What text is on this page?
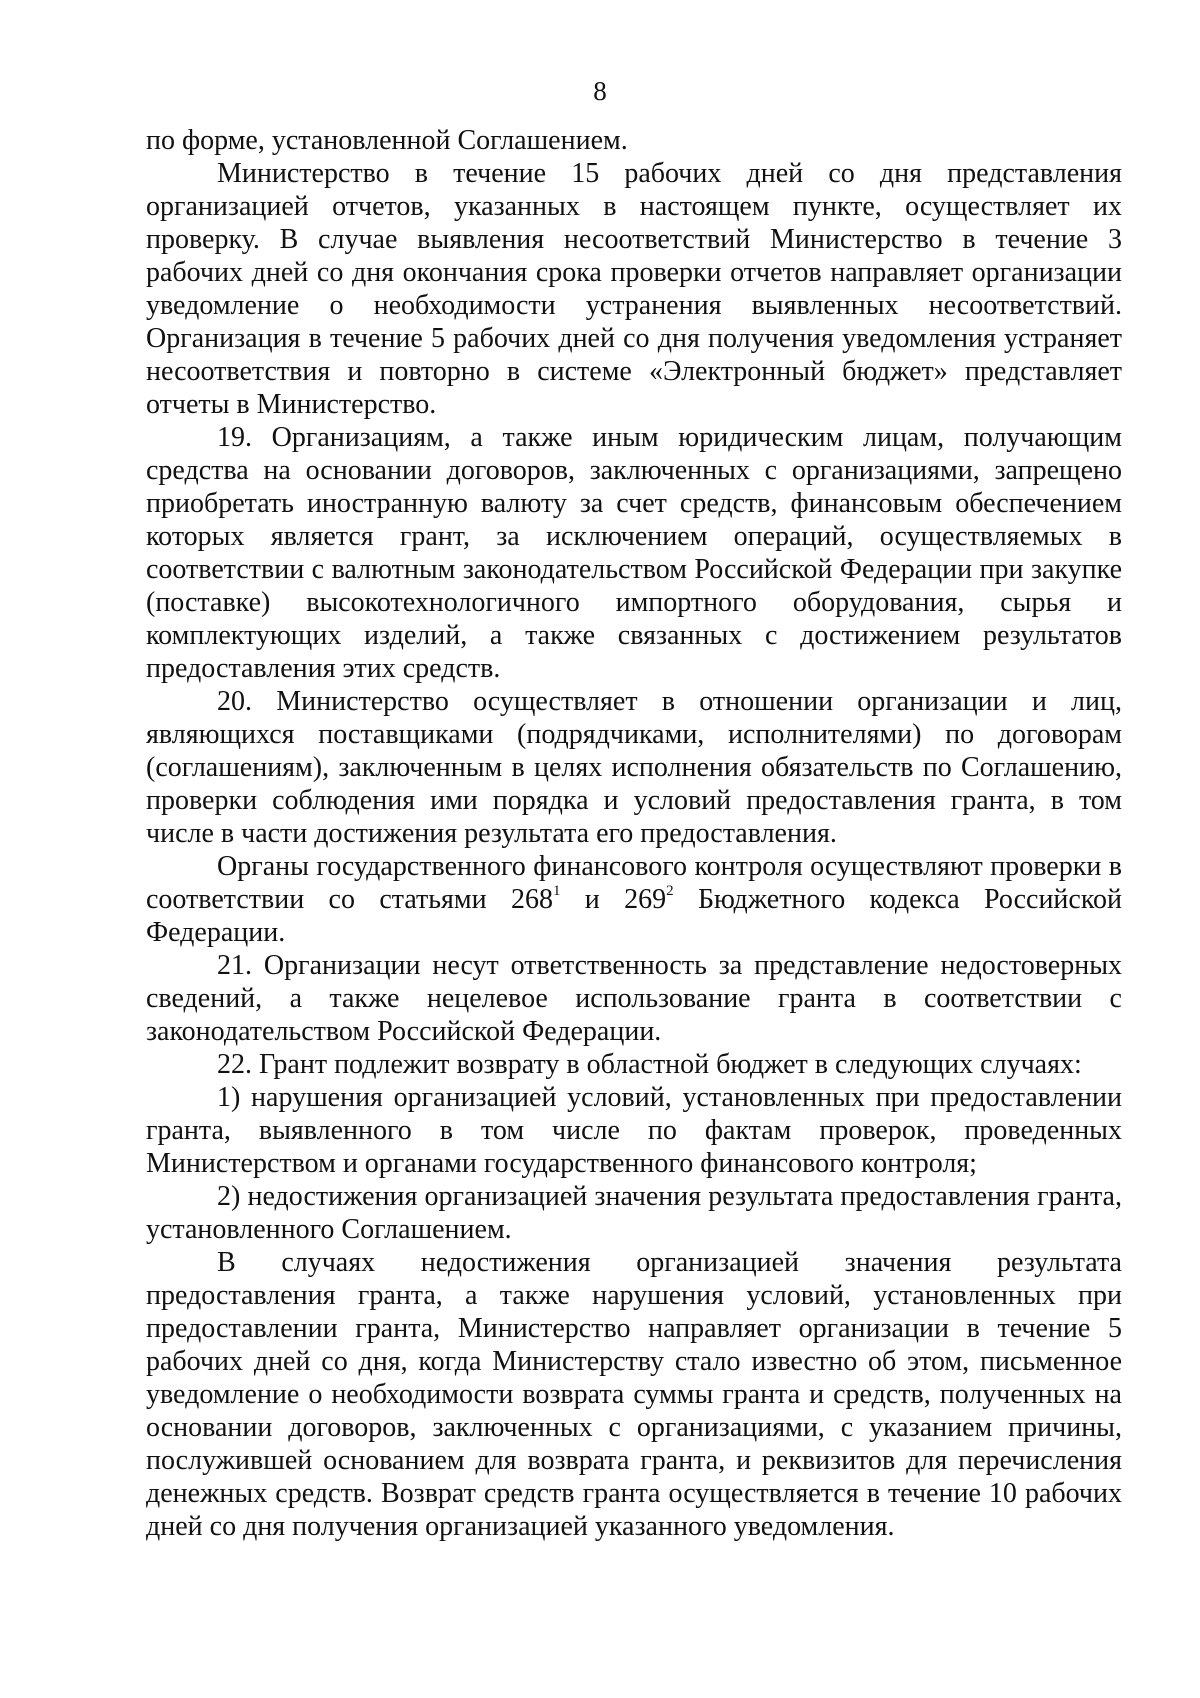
8

по форме, установленной Соглашением.

Министерство в течение 15 рабочих дней со дня представления организацией отчетов, указанных в настоящем пункте, осуществляет их проверку. В случае выявления несоответствий Министерство в течение 3 рабочих дней со дня окончания срока проверки отчетов направляет организации уведомление о необходимости устранения выявленных несоответствий. Организация в течение 5 рабочих дней со дня получения уведомления устраняет несоответствия и повторно в системе «Электронный бюджет» представляет отчеты в Министерство.

19. Организациям, а также иным юридическим лицам, получающим средства на основании договоров, заключенных с организациями, запрещено приобретать иностранную валюту за счет средств, финансовым обеспечением которых является грант, за исключением операций, осуществляемых в соответствии с валютным законодательством Российской Федерации при закупке (поставке) высокотехнологичного импортного оборудования, сырья и комплектующих изделий, а также связанных с достижением результатов предоставления этих средств.

20. Министерство осуществляет в отношении организации и лиц, являющихся поставщиками (подрядчиками, исполнителями) по договорам (соглашениям), заключенным в целях исполнения обязательств по Соглашению, проверки соблюдения ими порядка и условий предоставления гранта, в том числе в части достижения результата его предоставления.

Органы государственного финансового контроля осуществляют проверки в соответствии со статьями $268^1$ и $269^2$ Бюджетного кодекса Российской Федерации.

21. Организации несут ответственность за представление недостоверных сведений, а также нецелевое использование гранта в соответствии с законодательством Российской Федерации.

22. Грант подлежит возврату в областной бюджет в следующих случаях:

1) нарушения организацией условий, установленных при предоставлении гранта, выявленного в том числе по фактам проверок, проведенных Министерством и органами государственного финансового контроля;

2) недостижения организацией значения результата предоставления гранта, установленного Соглашением.

В случаях недостижения организацией значения результата предоставления гранта, а также нарушения условий, установленных при предоставлении гранта, Министерство направляет организации в течение 5 рабочих дней со дня, когда Министерству стало известно об этом, письменное уведомление о необходимости возврата суммы гранта и средств, полученных на основании договоров, заключенных с организациями, с указанием причины, послужившей основанием для возврата гранта, и реквизитов для перечисления денежных средств. Возврат средств гранта осуществляется в течение 10 рабочих дней со дня получения организацией указанного уведомления.
